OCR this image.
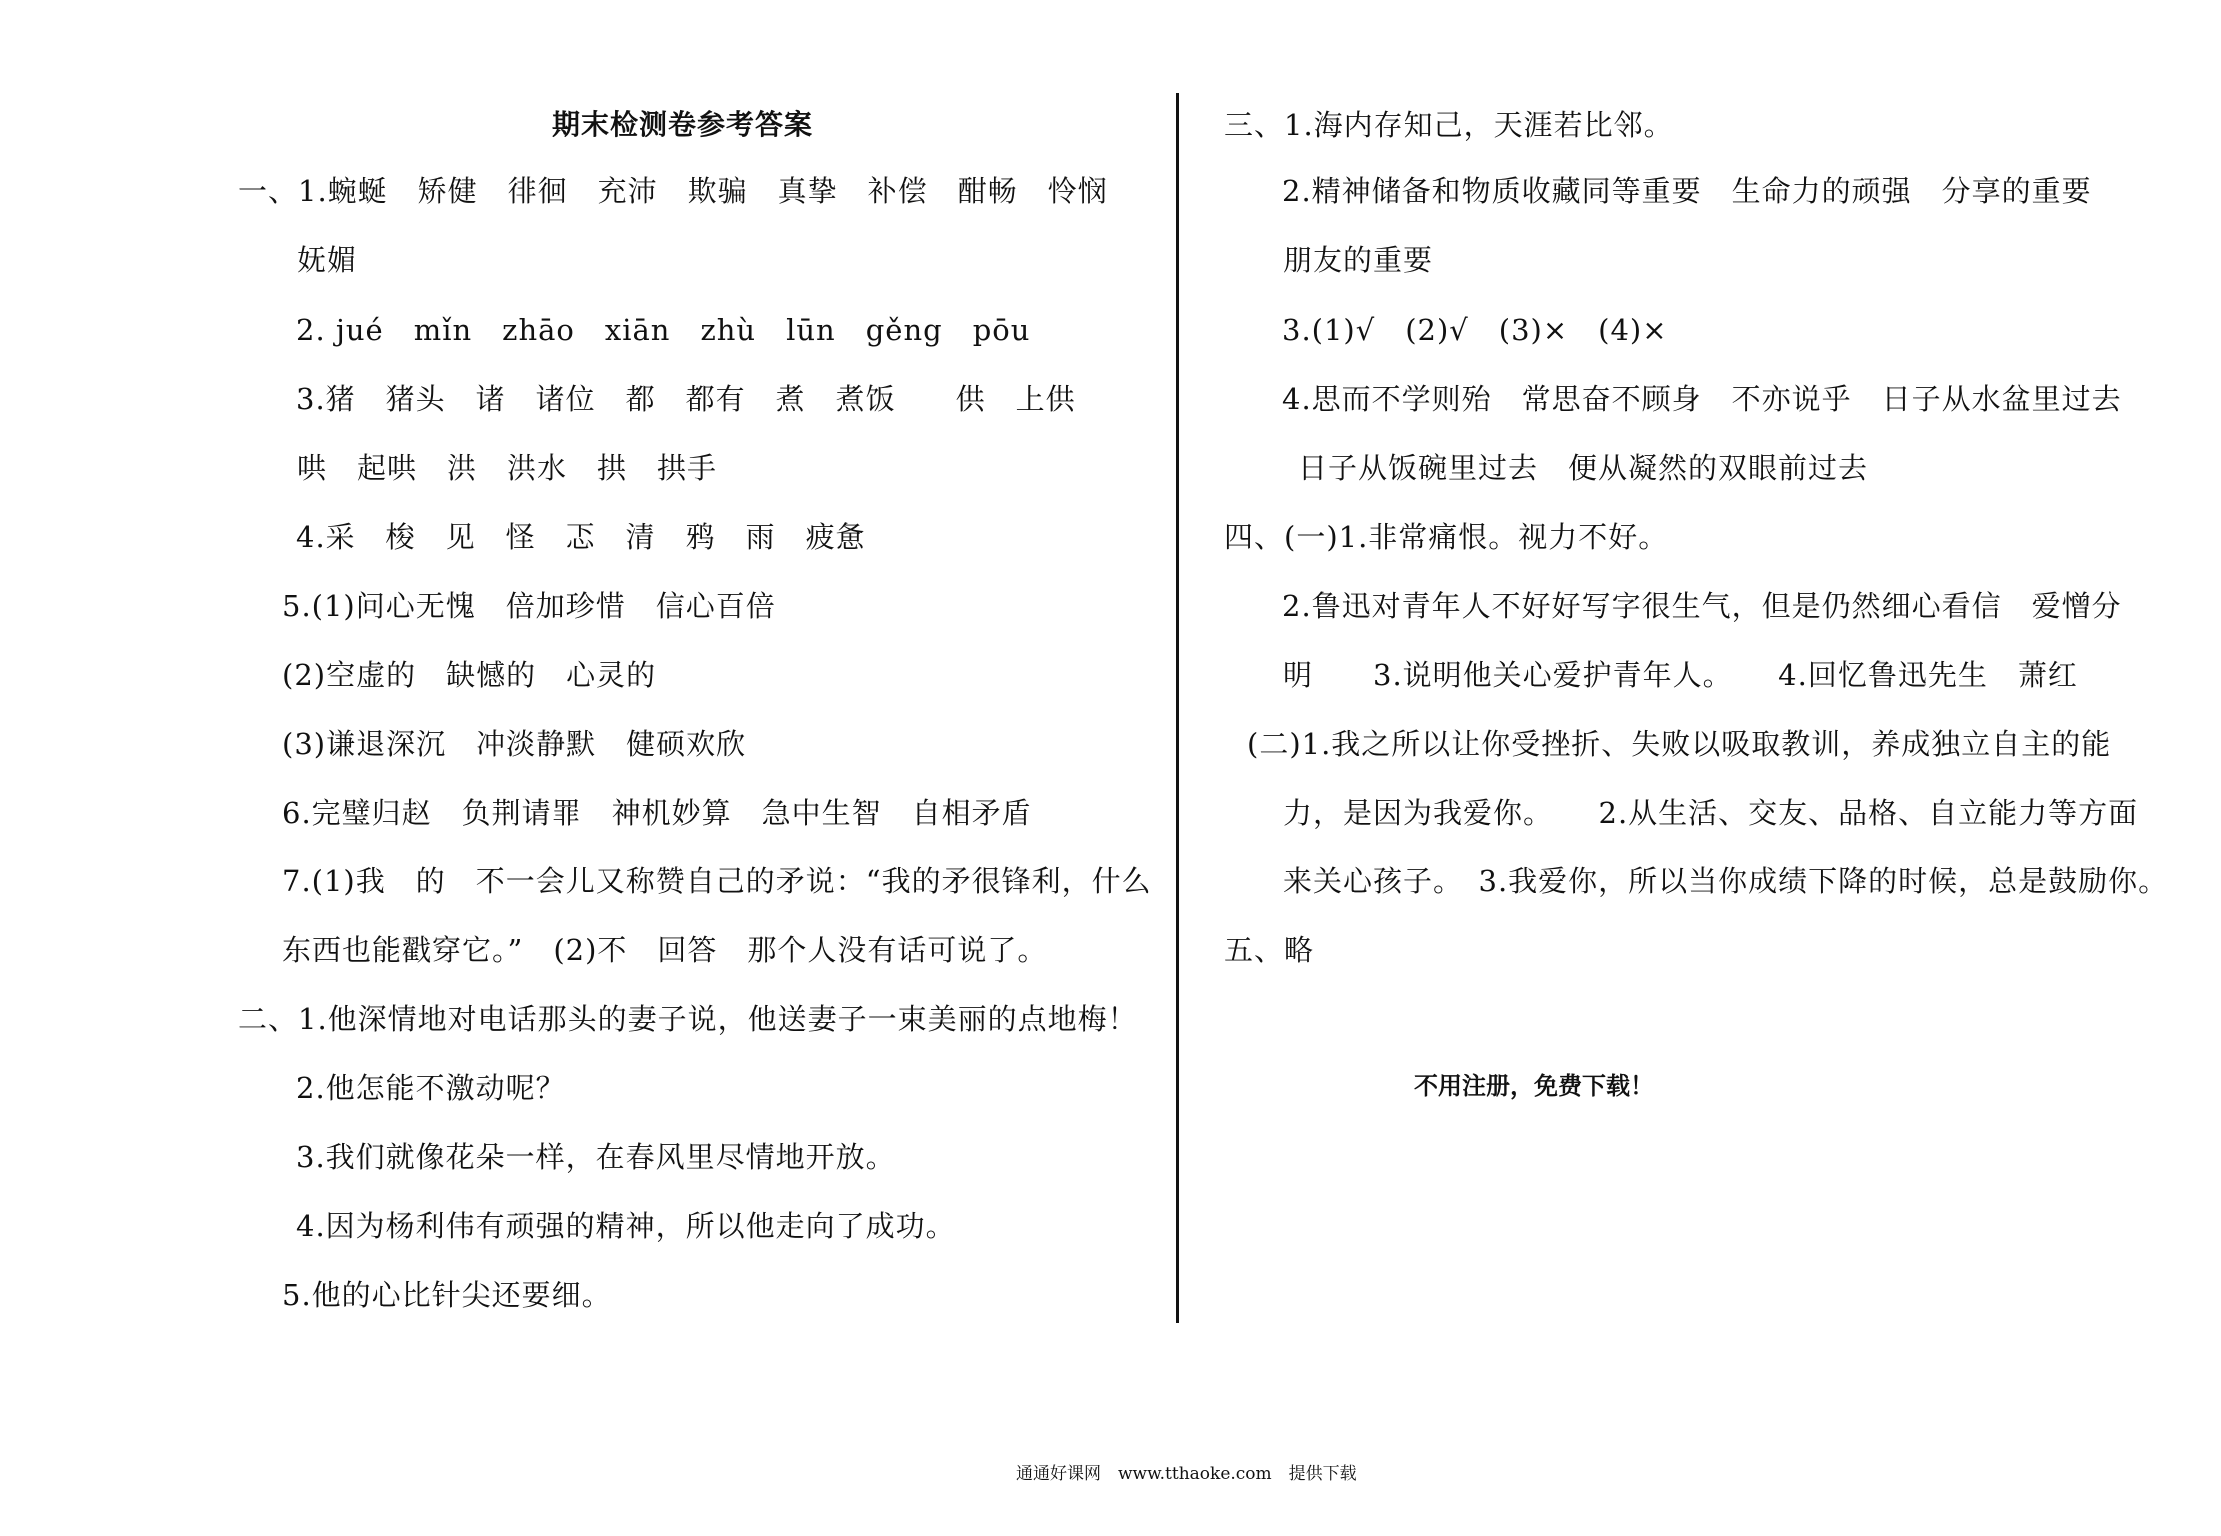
期末检测卷参考答案

一、1.蜿蜒　矫健　徘徊　充沛　欺骗　真挚　补偿　酣畅　怜悯

妩媚

2. jué　mǐn　zhāo　xiān　zhù　lūn　gěng　pōu

3.猪　猪头　诸　诸位　都　都有　煮　煮饭　　供　上供

哄　起哄　洪　洪水　拱　拱手

4.采　梭　见　怪　忑　清　鸦　雨　疲惫

5.(1)问心无愧　倍加珍惜　信心百倍

(2)空虚的　缺憾的　心灵的

(3)谦退深沉　冲淡静默　健硕欢欣

6.完璧归赵　负荆请罪　神机妙算　急中生智　自相矛盾

7.(1)我　的　不一会儿又称赞自己的矛说：“我的矛很锋利，什么

东西也能戳穿它。”　(2)不　回答　那个人没有话可说了。

二、1.他深情地对电话那头的妻子说，他送妻子一束美丽的点地梅！

2.他怎能不激动呢？

3.我们就像花朵一样，在春风里尽情地开放。

4.因为杨利伟有顽强的精神，所以他走向了成功。

5.他的心比针尖还要细。

三、1.海内存知己，天涯若比邻。

2.精神储备和物质收藏同等重要　生命力的顽强　分享的重要

朋友的重要

3.(1)√　(2)√　(3)×　(4)×

4.思而不学则殆　常思奋不顾身　不亦说乎　日子从水盆里过去

日子从饭碗里过去　便从凝然的双眼前过去

四、(一)1.非常痛恨。视力不好。

2.鲁迅对青年人不好好写字很生气，但是仍然细心看信　爱憎分

明　　3.说明他关心爱护青年人。　　4.回忆鲁迅先生　萧红

(二)1.我之所以让你受挫折、失败以吸取教训，养成独立自主的能

力，是因为我爱你。　　2.从生活、交友、品格、自立能力等方面

来关心孩子。　3.我爱你，所以当你成绩下降的时候，总是鼓励你。

五、略

不用注册，免费下载！

通通好课网　www.tthaoke.com　提供下载
